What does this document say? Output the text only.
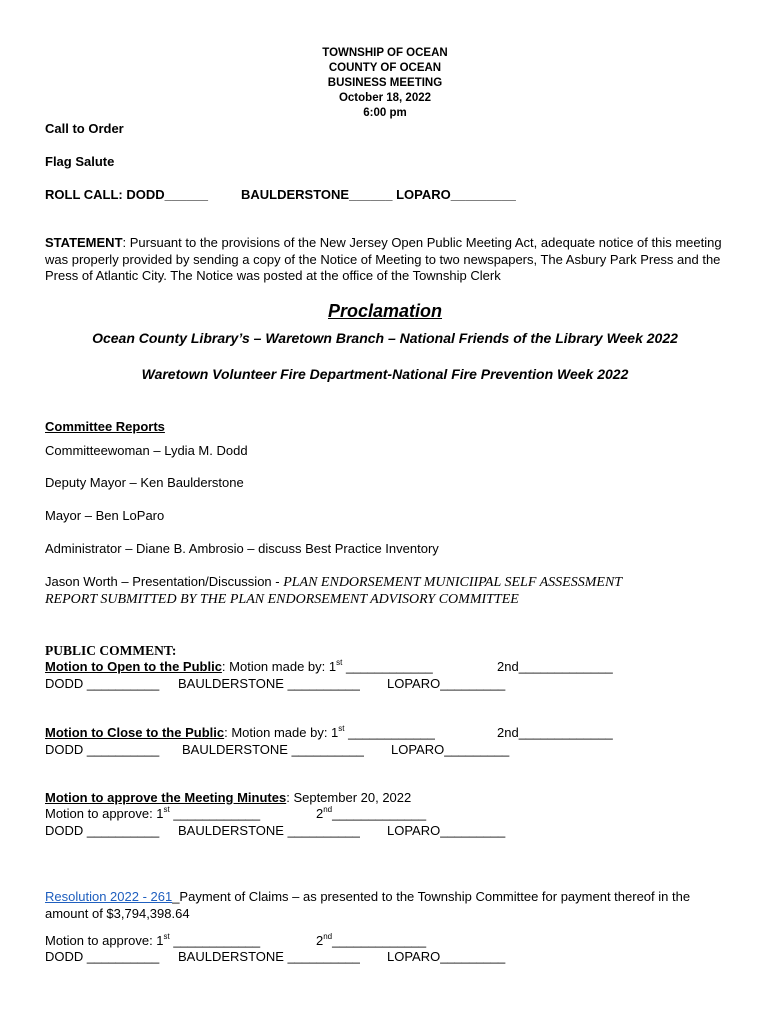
TOWNSHIP OF OCEAN
COUNTY OF OCEAN
BUSINESS MEETING
October 18, 2022
6:00 pm
Call to Order
Flag Salute
ROLL CALL: DODD______	BAULDERSTONE______ LOPARO_________
STATEMENT: Pursuant to the provisions of the New Jersey Open Public Meeting Act, adequate notice of this meeting was properly provided by sending a copy of the Notice of Meeting to two newspapers, The Asbury Park Press and the Press of Atlantic City. The Notice was posted at the office of the Township Clerk
Proclamation
Ocean County Library’s – Waretown Branch – National Friends of the Library Week 2022
Waretown Volunteer Fire Department-National Fire Prevention Week 2022
Committee Reports
Committeewoman – Lydia M. Dodd
Deputy Mayor – Ken Baulderstone
Mayor – Ben LoParo
Administrator – Diane B. Ambrosio – discuss Best Practice Inventory
Jason Worth – Presentation/Discussion - PLAN ENDORSEMENT MUNICIIPAL SELF ASSESSMENT
REPORT SUBMITTED BY THE PLAN ENDORSEMENT ADVISORY COMMITTEE
PUBLIC COMMENT:
Motion to Open to the Public: Motion made by: 1st ____________	2nd_____________
DODD __________ BAULDERSTONE __________ LOPARO_________
Motion to Close to the Public: Motion made by: 1st ____________	2nd_____________
DODD __________ BAULDERSTONE __________ LOPARO_________
Motion to approve the Meeting Minutes: September 20, 2022
Motion to approve: 1st ____________	2nd_____________
DODD __________ BAULDERSTONE __________ LOPARO_________
Resolution 2022 - 261_Payment of Claims – as presented to the Township Committee for payment thereof in the amount of $3,794,398.64
Motion to approve: 1st ____________	2nd_____________
DODD __________ BAULDERSTONE __________ LOPARO_________
